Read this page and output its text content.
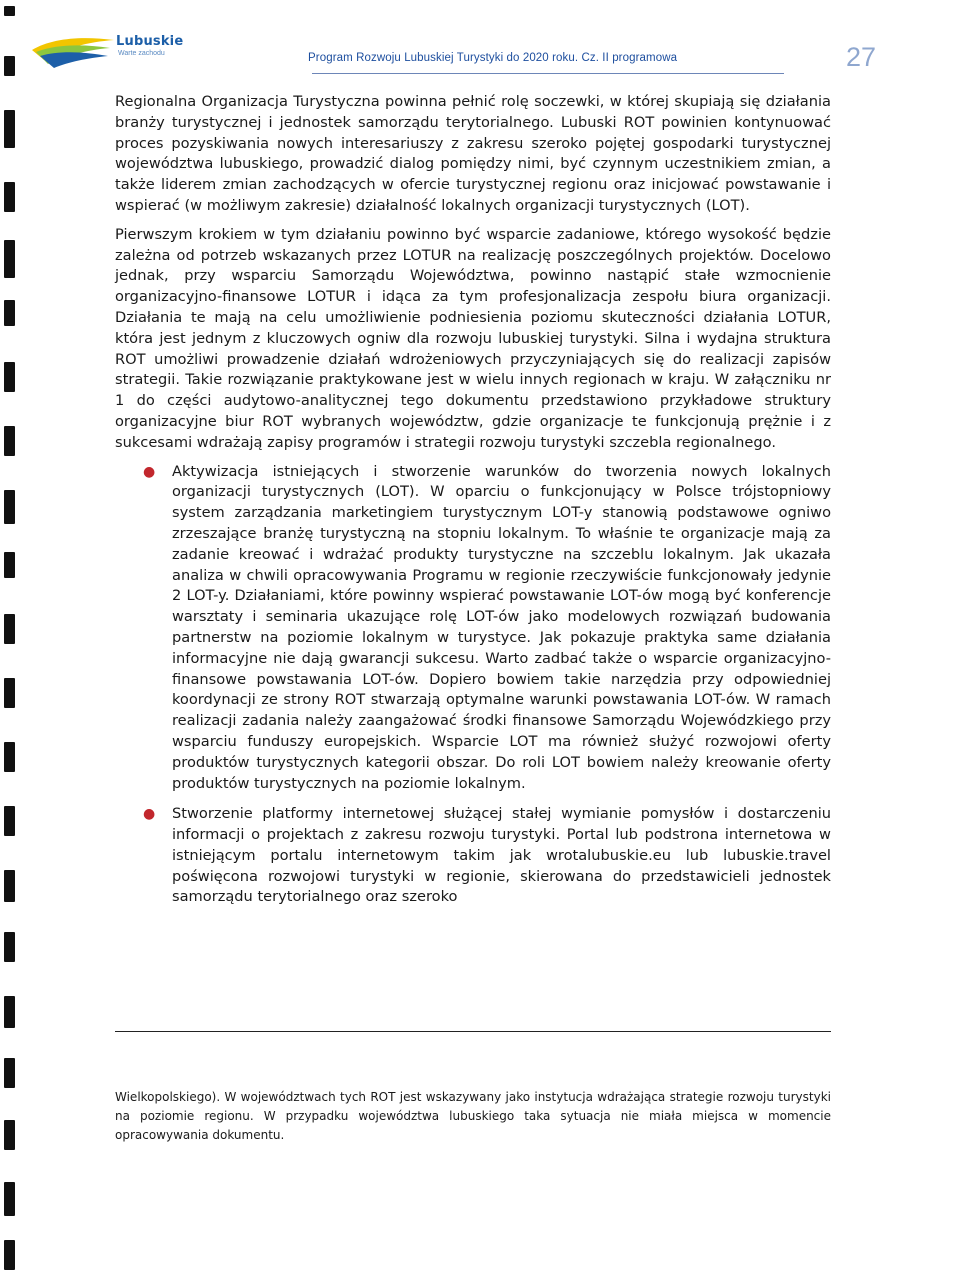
Lubuskie
Warte zachodu	Program Rozwoju Lubuskiej Turystyki do 2020 roku. Cz. II programowa	27

Regionalna Organizacja Turystyczna powinna pełnić rolę soczewki, w której skupiają się działania branży turystycznej i jednostek samorządu terytorialnego. Lubuski ROT powinien kontynuować proces pozyskiwania nowych interesariuszy z zakresu szeroko pojętej gospodarki turystycznej województwa lubuskiego, prowadzić dialog pomiędzy nimi, być czynnym uczestnikiem zmian, a także liderem zmian zachodzących w ofercie turystycznej regionu oraz inicjować powstawanie i wspierać (w możliwym zakresie) działalność lokalnych organizacji turystycznych (LOT).

Pierwszym krokiem w tym działaniu powinno być wsparcie zadaniowe, którego wysokość będzie zależna od potrzeb wskazanych przez LOTUR na realizację poszczególnych projektów. Docelowo jednak, przy wsparciu Samorządu Województwa, powinno nastąpić stałe wzmocnienie organizacyjno-finansowe LOTUR i idąca za tym profesjonalizacja zespołu biura organizacji. Działania te mają na celu umożliwienie podniesienia poziomu skuteczności działania LOTUR, która jest jednym z kluczowych ogniw dla rozwoju lubuskiej turystyki. Silna i wydajna struktura ROT umożliwi prowadzenie działań wdrożeniowych przyczyniających się do realizacji zapisów strategii. Takie rozwiązanie praktykowane jest w wielu innych regionach w kraju. W załączniku nr 1 do części audytowo-analitycznej tego dokumentu przedstawiono przykładowe struktury organizacyjne biur ROT wybranych województw, gdzie organizacje te funkcjonują prężnie i z sukcesami wdrażają zapisy programów i strategii rozwoju turystyki szczebla regionalnego.

● Aktywizacja istniejących i stworzenie warunków do tworzenia nowych lokalnych organizacji turystycznych (LOT). W oparciu o funkcjonujący w Polsce trójstopniowy system zarządzania marketingiem turystycznym LOT-y stanowią podstawowe ogniwo zrzeszające branżę turystyczną na stopniu lokalnym. To właśnie te organizacje mają za zadanie kreować i wdrażać produkty turystyczne na szczeblu lokalnym. Jak ukazała analiza w chwili opracowywania Programu w regionie rzeczywiście funkcjonowały jedynie 2 LOT-y. Działaniami, które powinny wspierać powstawanie LOT-ów mogą być konferencje warsztaty i seminaria ukazujące rolę LOT-ów jako modelowych rozwiązań budowania partnerstw na poziomie lokalnym w turystyce. Jak pokazuje praktyka same działania informacyjne nie dają gwarancji sukcesu. Warto zadbać także o wsparcie organizacyjno-finansowe powstawania LOT-ów. Dopiero bowiem takie narzędzia przy odpowiedniej koordynacji ze strony ROT stwarzają optymalne warunki powstawania LOT-ów. W ramach realizacji zadania należy zaangażować środki finansowe Samorządu Wojewódzkiego przy wsparciu funduszy europejskich. Wsparcie LOT ma również służyć rozwojowi oferty produktów turystycznych kategorii obszar. Do roli LOT bowiem należy kreowanie oferty produktów turystycznych na poziomie lokalnym.
● Stworzenie platformy internetowej służącej stałej wymianie pomysłów i dostarczeniu informacji o projektach z zakresu rozwoju turystyki. Portal lub podstrona internetowa w istniejącym portalu internetowym takim jak wrotalubuskie.eu lub lubuskie.travel poświęcona rozwojowi turystyki w regionie, skierowana do przedstawicieli jednostek samorządu terytorialnego oraz szeroko
Wielkopolskiego). W województwach tych ROT jest wskazywany jako instytucja wdrażająca strategie rozwoju turystyki na poziomie regionu. W przypadku województwa lubuskiego taka sytuacja nie miała miejsca w momencie opracowywania dokumentu.
